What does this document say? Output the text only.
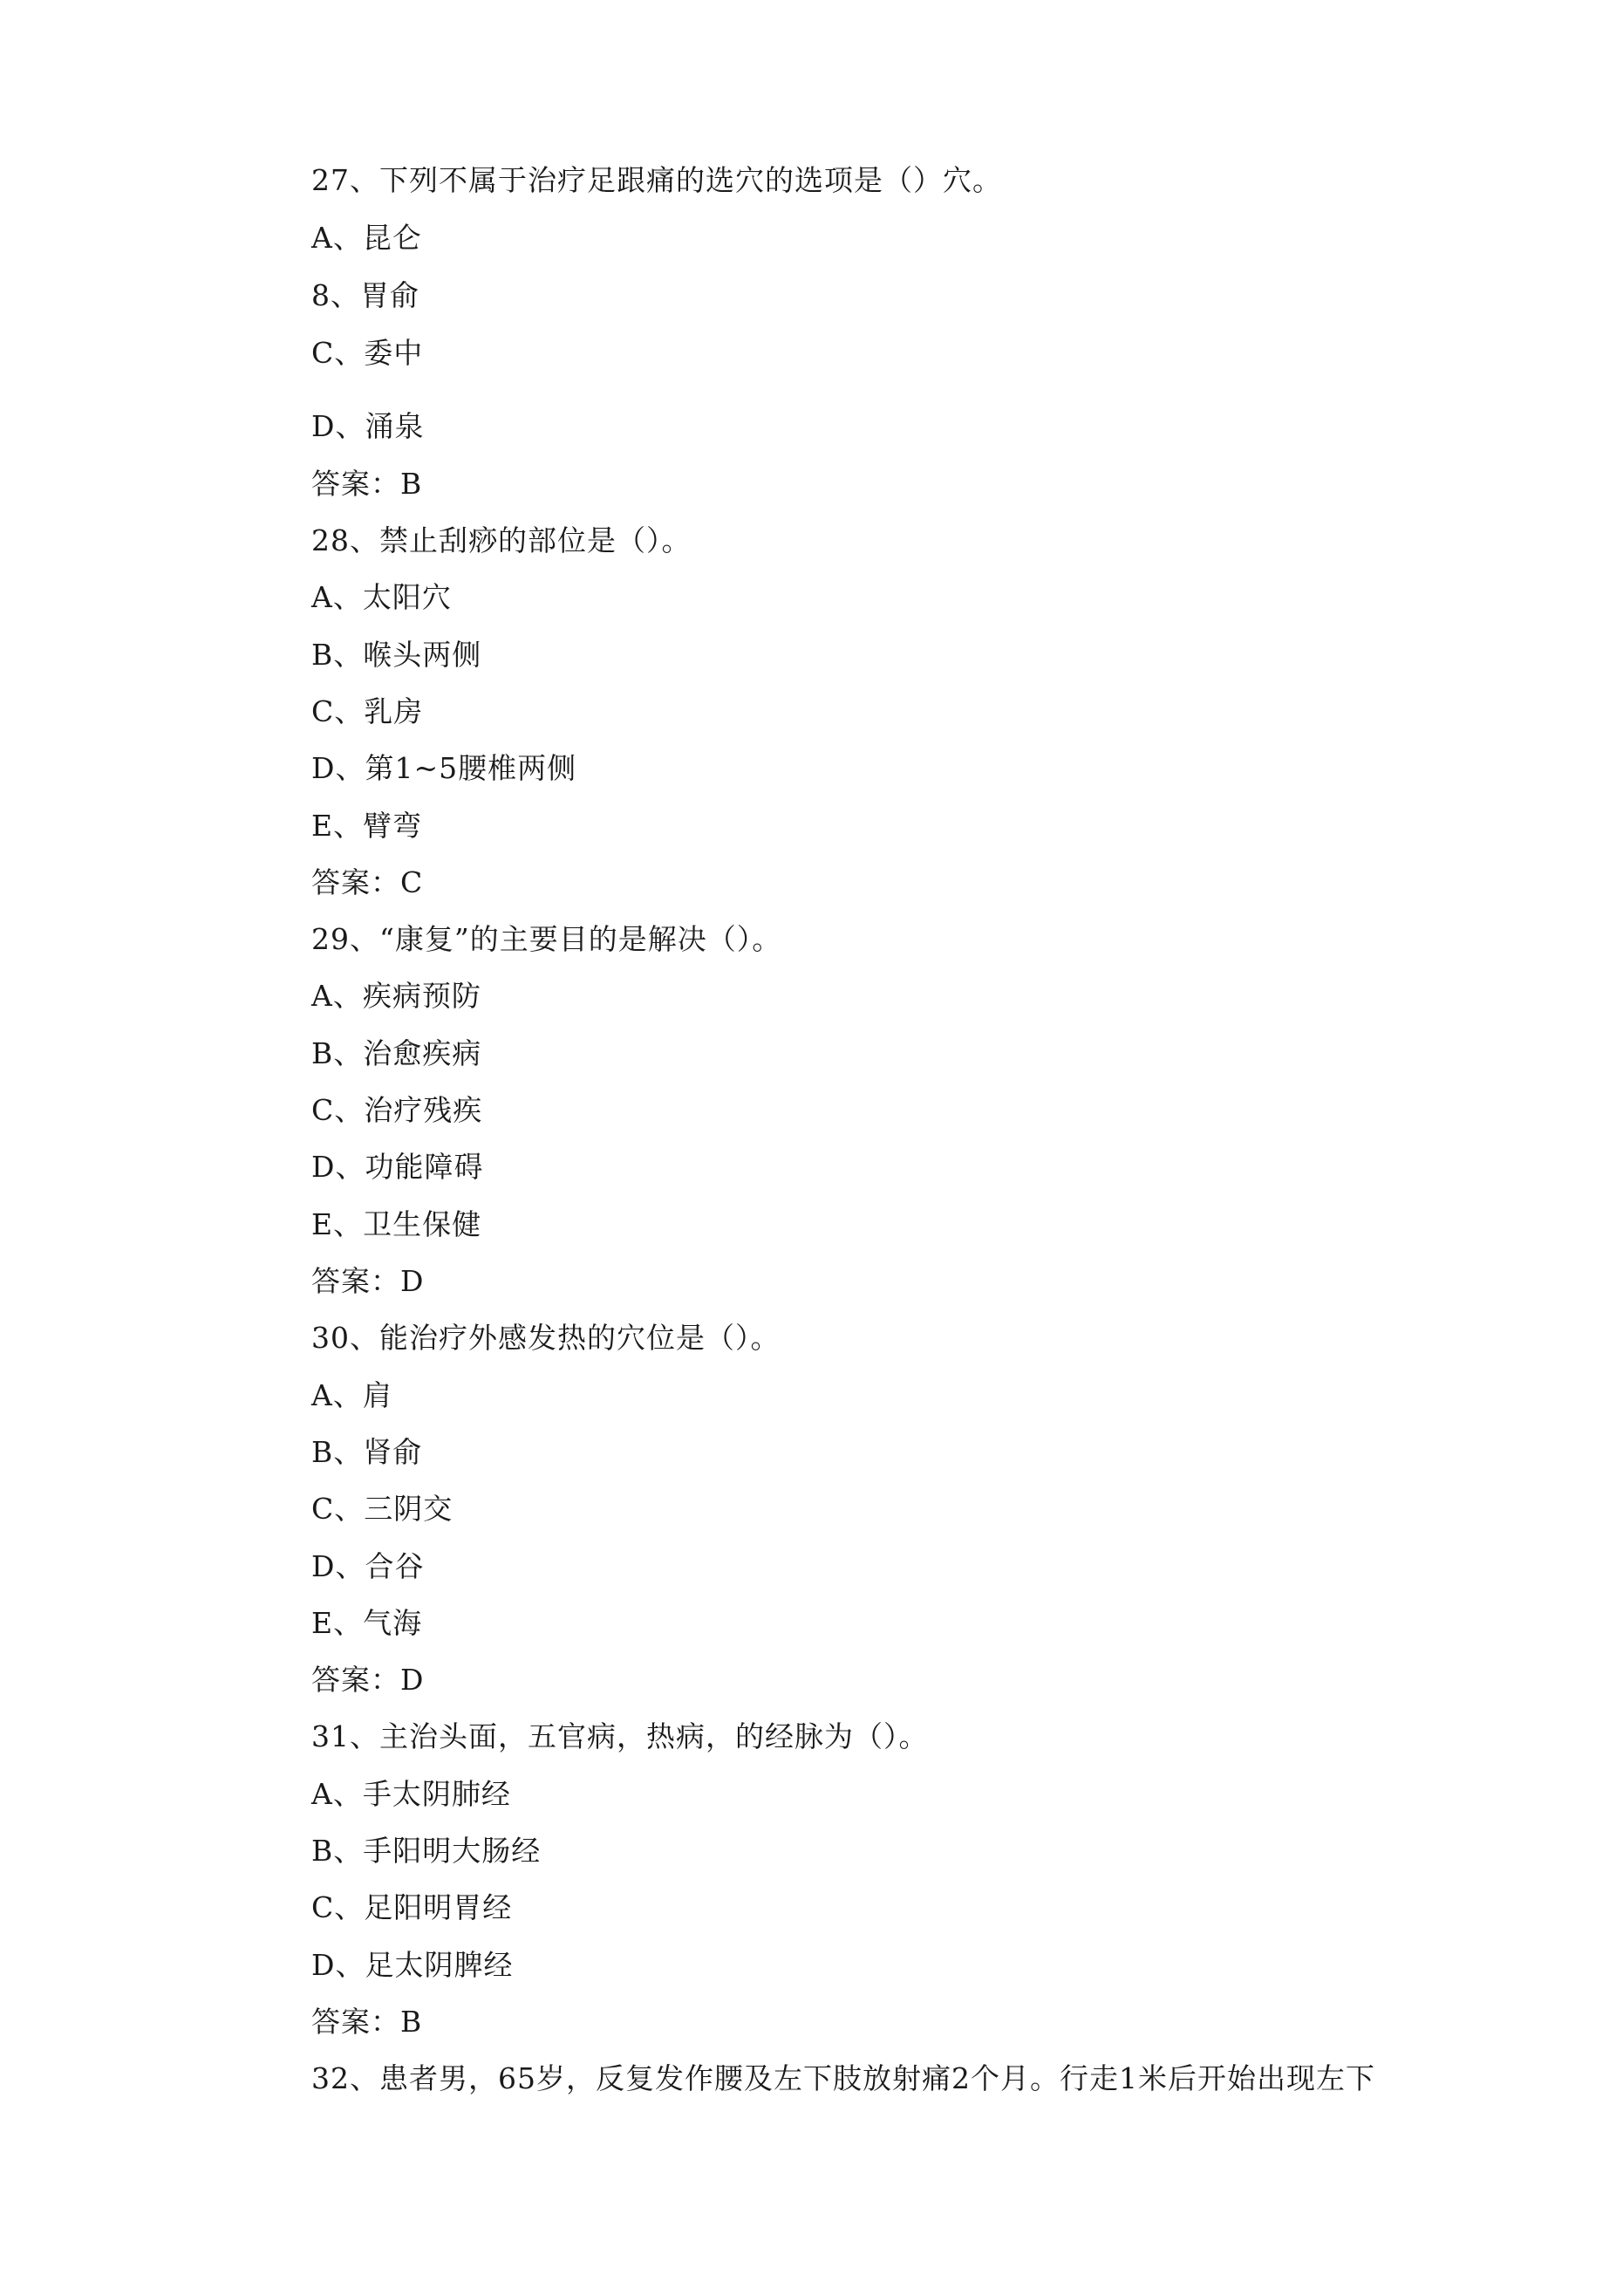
27、下列不属于治疗足跟痛的选穴的选项是（）穴。
A、昆仑
8、胃俞
C、委中
D、涌泉
答案：B
28、禁止刮痧的部位是（）。
A、太阳穴
B、喉头两侧
C、乳房
D、第1~5腰椎两侧
E、臂弯
答案：C
29、“康复”的主要目的是解决（）。
A、疾病预防
B、治愈疾病
C、治疗残疾
D、功能障碍
E、卫生保健
答案：D
30、能治疗外感发热的穴位是（）。
A、肩
B、肾俞
C、三阴交
D、合谷
E、气海
答案：D
31、主治头面，五官病，热病，的经脉为（）。
A、手太阴肺经
B、手阳明大肠经
C、足阳明胃经
D、足太阴脾经
答案：B
32、患者男，65岁，反复发作腰及左下肢放射痛2个月。行走1米后开始出现左下
